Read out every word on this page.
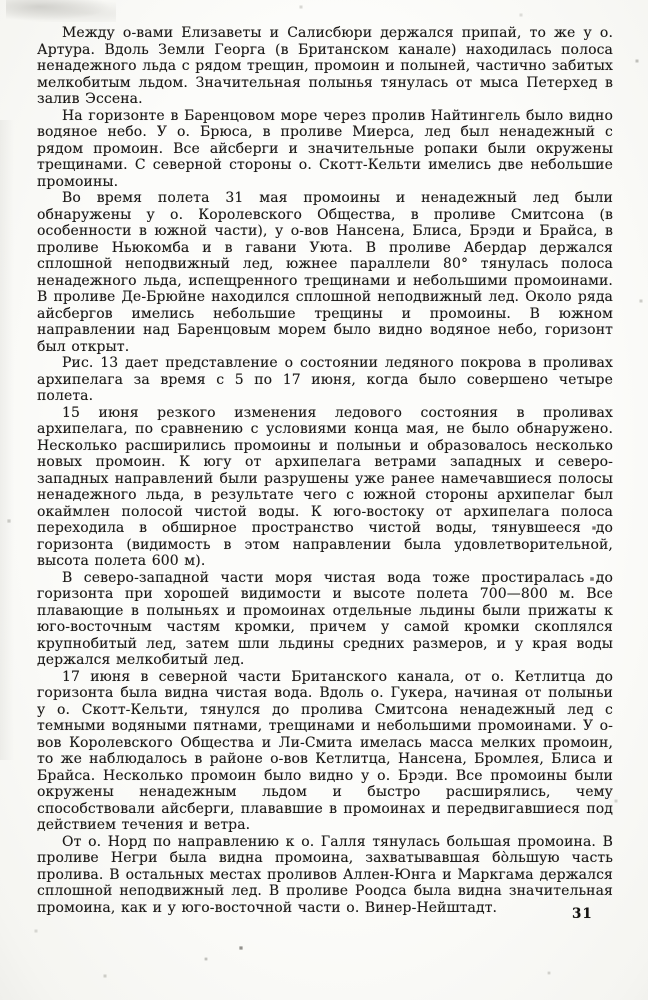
Между о-вами Елизаветы и Салисбюри держался припай, то же у о. Артура. Вдоль Земли Георга (в Британском канале) находилась полоса ненадежного льда с рядом трещин, промоин и полыней, частично забитых мелкобитым льдом. Значительная полынья тянулась от мыса Петерхед в залив Эссена.

На горизонте в Баренцовом море через пролив Найтингель было видно водяное небо. У о. Брюса, в проливе Миерса, лед был ненадежный с рядом промоин. Все айсберги и значительные ропаки были окружены трещинами. С северной стороны о. Скотт-Кельти имелись две небольшие промоины.

Во время полета 31 мая промоины и ненадежный лед были обнаружены у о. Королевского Общества, в проливе Смитсона (в особенности в южной части), у о-вов Нансена, Блиса, Брэди и Брайса, в проливе Ньюкомба и в гавани Уюта. В проливе Абердар держался сплошной неподвижный лед, южнее параллели 80° тянулась полоса ненадежного льда, испещренного трещинами и небольшими промоинами. В проливе Де-Брюйне находился сплошной неподвижный лед. Около ряда айсбергов имелись небольшие трещины и промоины. В южном направлении над Баренцовым морем было видно водяное небо, горизонт был открыт.

Рис. 13 дает представление о состоянии ледяного покрова в проливах архипелага за время с 5 по 17 июня, когда было совершено четыре полета.

15 июня резкого изменения ледового состояния в проливах архипелага, по сравнению с условиями конца мая, не было обнаружено. Несколько расширились промоины и полыньи и образовалось несколько новых промоин. К югу от архипелага ветрами западных и северо-западных направлений были разрушены уже ранее намечавшиеся полосы ненадежного льда, в результате чего с южной стороны архипелаг был окаймлен полосой чистой воды. К юго-востоку от архипелага полоса переходила в обширное пространство чистой воды, тянувшееся до горизонта (видимость в этом направлении была удовлетворительной, высота полета 600 м).

В северо-западной части моря чистая вода тоже простиралась до горизонта при хорошей видимости и высоте полета 700—800 м. Все плавающие в полыньях и промоинах отдельные льдины были прижаты к юго-восточным частям кромки, причем у самой кромки скоплялся крупнобитый лед, затем шли льдины средних размеров, и у края воды держался мелкобитый лед.

17 июня в северной части Британского канала, от о. Кетлитца до горизонта была видна чистая вода. Вдоль о. Гукера, начиная от полыньи у о. Скотт-Кельти, тянулся до пролива Смитсона ненадежный лед с темными водяными пятнами, трещинами и небольшими промоинами. У о-вов Королевского Общества и Ли-Смита имелась масса мелких промоин, то же наблюдалось в районе о-вов Кетлитца, Нансена, Бромлея, Блиса и Брайса. Несколько промоин было видно у о. Брэди. Все промоины были окружены ненадежным льдом и быстро расширялись, чему способствовали айсберги, плававшие в промоинах и передвигавшиеся под действием течения и ветра.

От о. Норд по направлению к о. Галля тянулась большая промоина. В проливе Негри была видна промоина, захватывавшая бо̀льшую часть пролива. В остальных местах проливов Аллен-Юнга и Маркгама держался сплошной неподвижный лед. В проливе Роодса была видна значительная промоина, как и у юго-восточной части о. Винер-Нейштадт.	31
